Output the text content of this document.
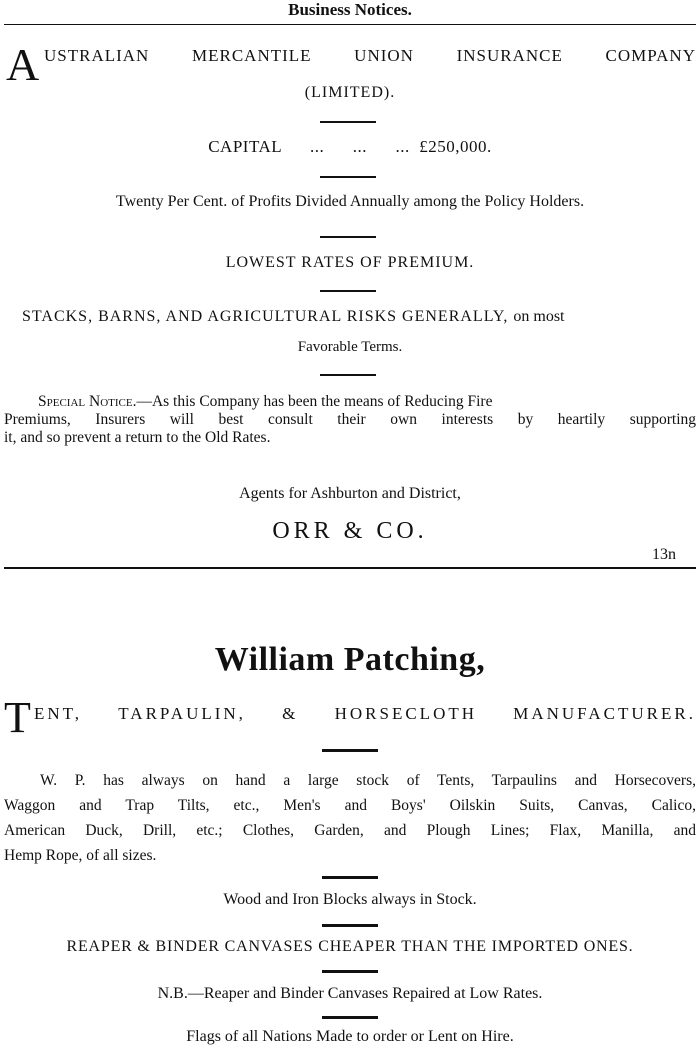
Business Notices.
A USTRALIAN	MERCANTILE	UNION	INSURANCE	COMPANY
(LIMITED).
CAPITAL      ...      ...      ...  £250,000.
Twenty Per Cent. of Profits Divided Annually among the Policy Holders.
LOWEST RATES OF PREMIUM.
STACKS, BARNS, AND AGRICULTURAL RISKS GENERALLY, on most
Favorable Terms.
Special Notice.—As this Company has been the means of Reducing Fire
Premiums, Insurers will best consult their own interests by heartily supporting
it, and so prevent a return to the Old Rates.
Agents for Ashburton and District,
ORR & CO.
13n
William Patching,
T ENT, TARPAULIN, & HORSECLOTH MANUFACTURER.
W. P. has always on hand a large stock of Tents, Tarpaulins and Horsecovers,
Waggon and Trap Tilts, etc., Men's and Boys' Oilskin Suits, Canvas, Calico,
American Duck, Drill, etc.; Clothes, Garden, and Plough Lines; Flax, Manilla, and
Hemp Rope, of all sizes.
Wood and Iron Blocks always in Stock.
REAPER & BINDER CANVASES CHEAPER THAN THE IMPORTED ONES.
N.B.—Reaper and Binder Canvases Repaired at Low Rates.
Flags of all Nations Made to order or Lent on Hire.
